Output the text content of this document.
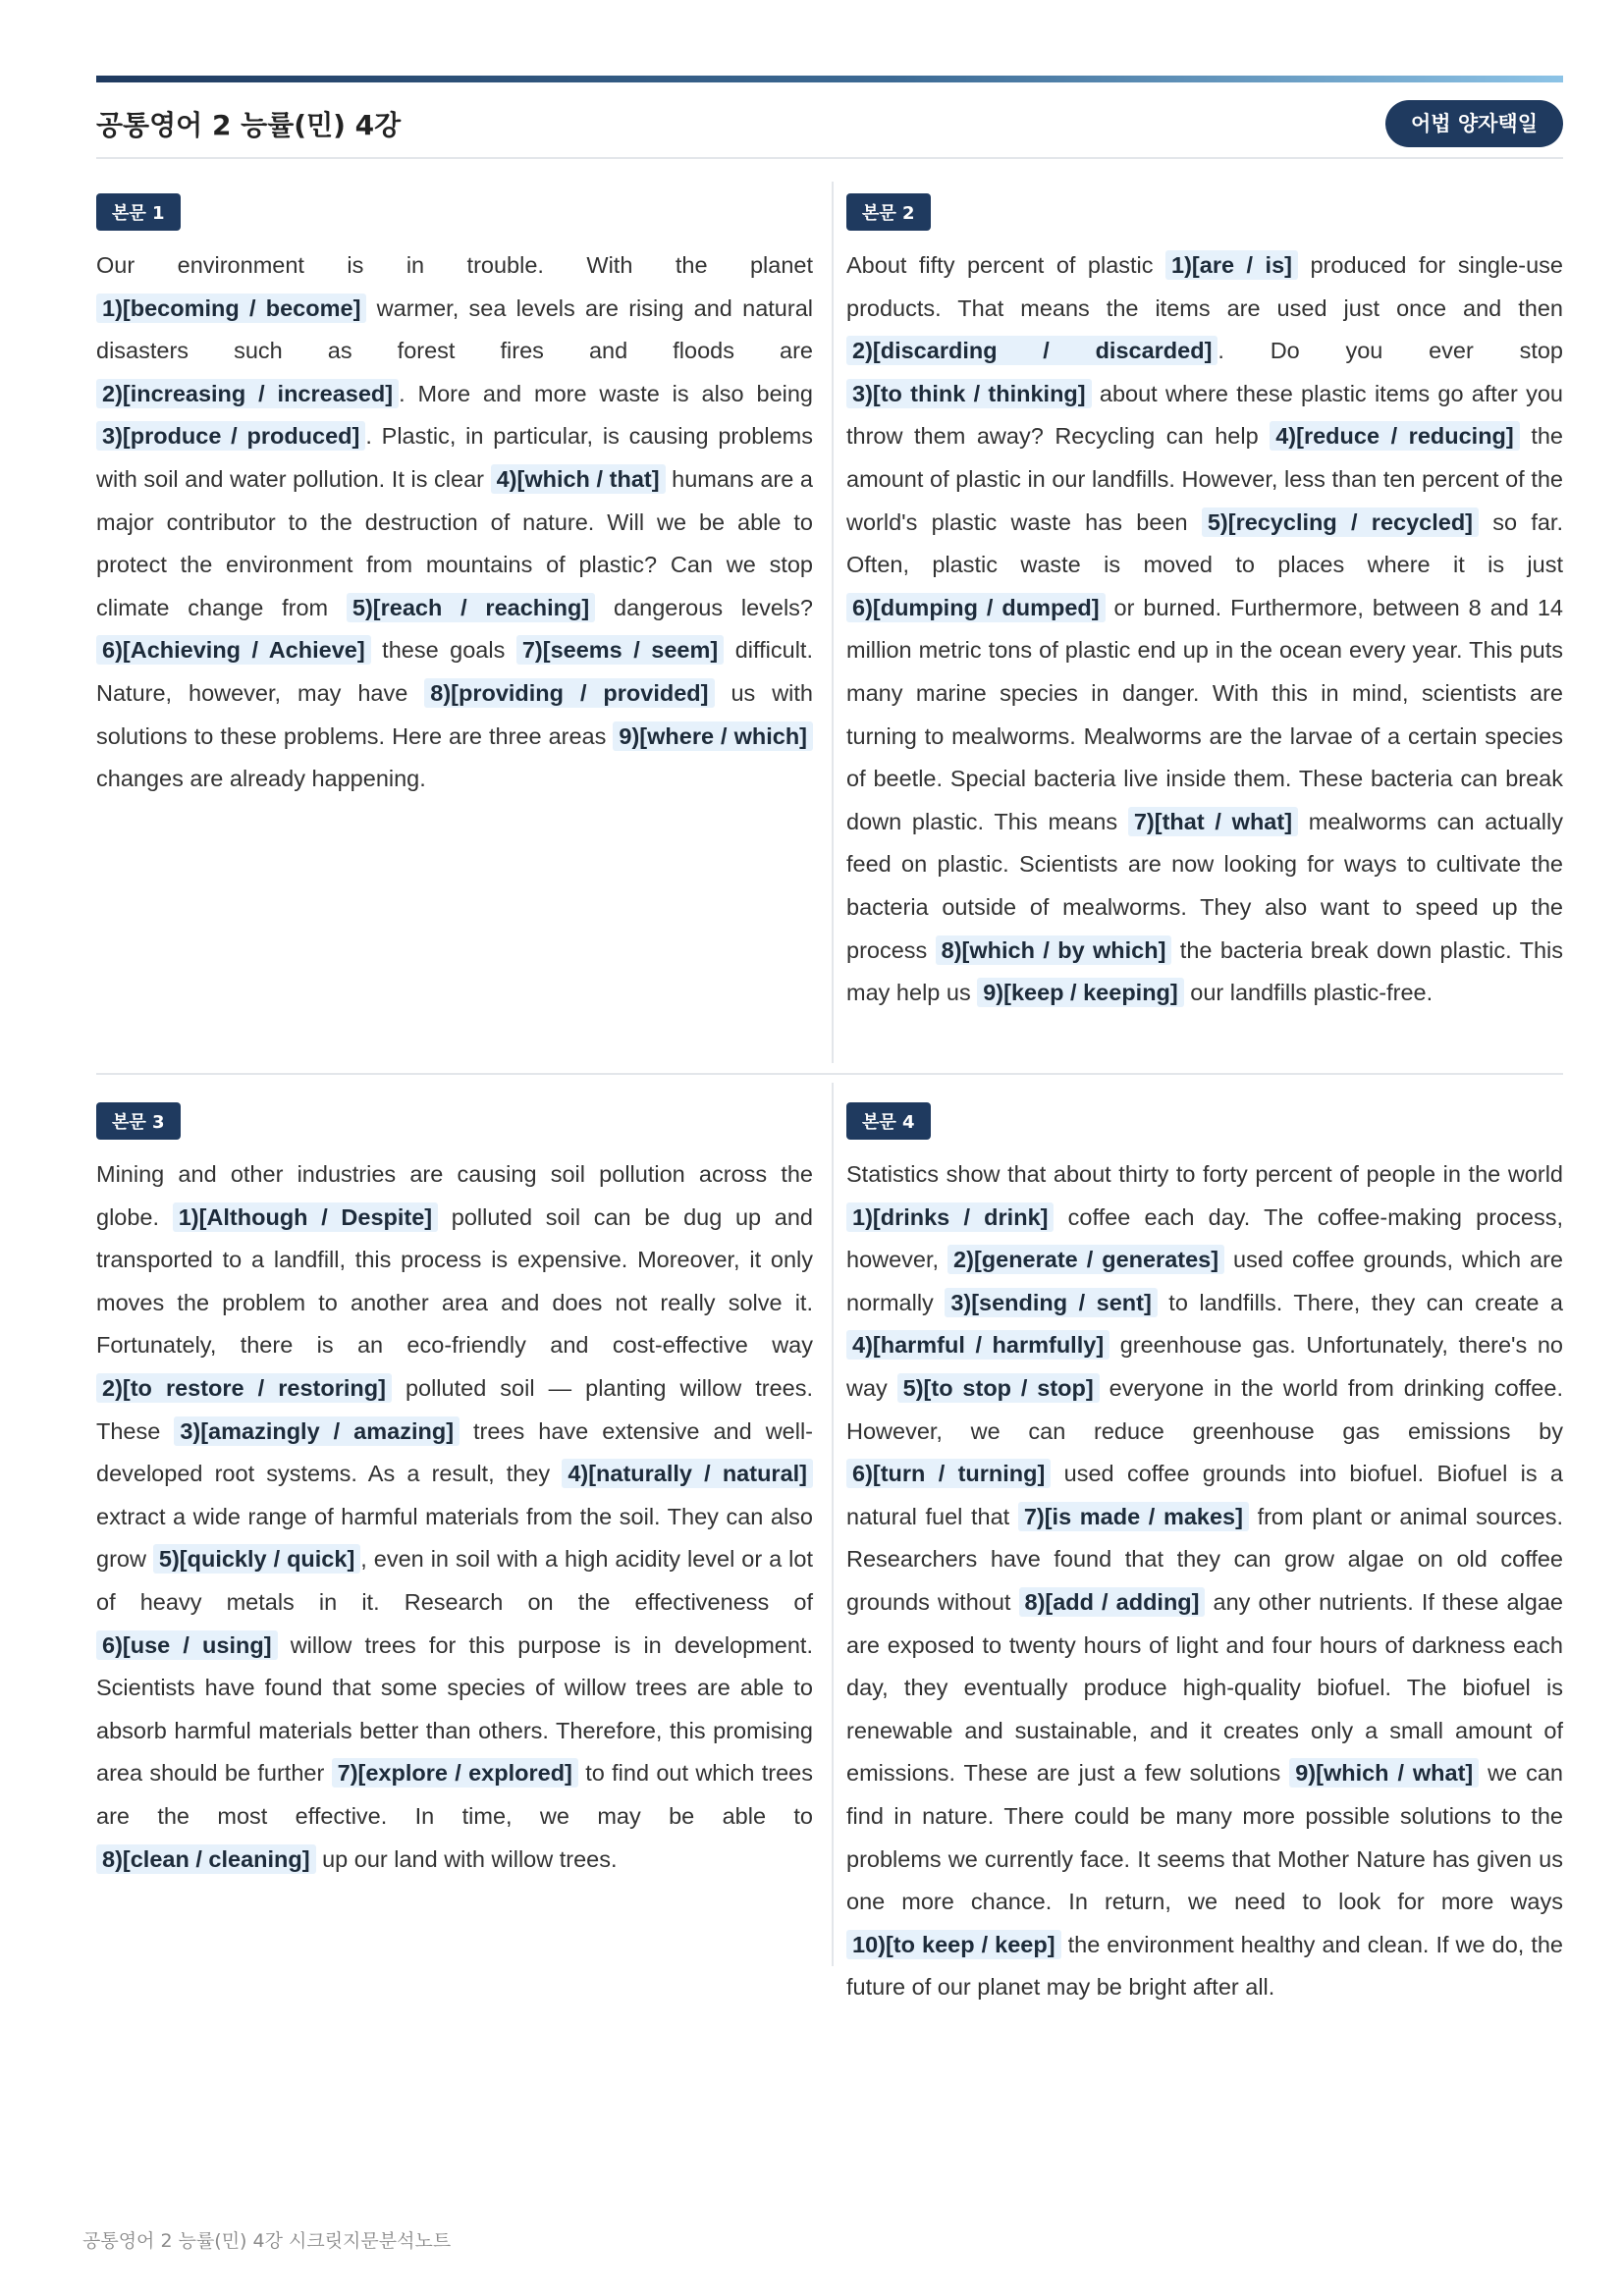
공통영어 2 능률(민) 4강	어법 양자택일
본문 1
Our environment is in trouble. With the planet 1)[becoming / become] warmer, sea levels are rising and natural disasters such as forest fires and floods are 2)[increasing / increased] . More and more waste is also being 3)[produce / produced] . Plastic, in particular, is causing problems with soil and water pollution. It is clear 4)[which / that] humans are a major contributor to the destruction of nature. Will we be able to protect the environment from mountains of plastic? Can we stop climate change from 5)[reach / reaching] dangerous levels? 6)[Achieving / Achieve] these goals 7)[seems / seem] difficult. Nature, however, may have 8)[providing / provided] us with solutions to these problems. Here are three areas 9)[where / which] changes are already happening.
본문 2
About fifty percent of plastic 1)[are / is] produced for single-use products. That means the items are used just once and then 2)[discarding / discarded] . Do you ever stop 3)[to think / thinking] about where these plastic items go after you throw them away? Recycling can help 4)[reduce / reducing] the amount of plastic in our landfills. However, less than ten percent of the world's plastic waste has been 5)[recycling / recycled] so far. Often, plastic waste is moved to places where it is just 6)[dumping / dumped] or burned. Furthermore, between 8 and 14 million metric tons of plastic end up in the ocean every year. This puts many marine species in danger. With this in mind, scientists are turning to mealworms. Mealworms are the larvae of a certain species of beetle. Special bacteria live inside them. These bacteria can break down plastic. This means 7)[that / what] mealworms can actually feed on plastic. Scientists are now looking for ways to cultivate the bacteria outside of mealworms. They also want to speed up the process 8)[which / by which] the bacteria break down plastic. This may help us 9)[keep / keeping] our landfills plastic-free.
본문 3
Mining and other industries are causing soil pollution across the globe. 1)[Although / Despite] polluted soil can be dug up and transported to a landfill, this process is expensive. Moreover, it only moves the problem to another area and does not really solve it. Fortunately, there is an eco-friendly and cost-effective way 2)[to restore / restoring] polluted soil — planting willow trees. These 3)[amazingly / amazing] trees have extensive and well-developed root systems. As a result, they 4)[naturally / natural] extract a wide range of harmful materials from the soil. They can also grow 5)[quickly / quick] , even in soil with a high acidity level or a lot of heavy metals in it. Research on the effectiveness of 6)[use / using] willow trees for this purpose is in development. Scientists have found that some species of willow trees are able to absorb harmful materials better than others. Therefore, this promising area should be further 7)[explore / explored] to find out which trees are the most effective. In time, we may be able to 8)[clean / cleaning] up our land with willow trees.
본문 4
Statistics show that about thirty to forty percent of people in the world 1)[drinks / drink] coffee each day. The coffee-making process, however, 2)[generate / generates] used coffee grounds, which are normally 3)[sending / sent] to landfills. There, they can create a 4)[harmful / harmfully] greenhouse gas. Unfortunately, there's no way 5)[to stop / stop] everyone in the world from drinking coffee. However, we can reduce greenhouse gas emissions by 6)[turn / turning] used coffee grounds into biofuel. Biofuel is a natural fuel that 7)[is made / makes] from plant or animal sources. Researchers have found that they can grow algae on old coffee grounds without 8)[add / adding] any other nutrients. If these algae are exposed to twenty hours of light and four hours of darkness each day, they eventually produce high-quality biofuel. The biofuel is renewable and sustainable, and it creates only a small amount of emissions. These are just a few solutions 9)[which / what] we can find in nature. There could be many more possible solutions to the problems we currently face. It seems that Mother Nature has given us one more chance. In return, we need to look for more ways 10)[to keep / keep] the environment healthy and clean. If we do, the future of our planet may be bright after all.
공통영어 2 능률(민) 4강 시크릿지문분석노트
